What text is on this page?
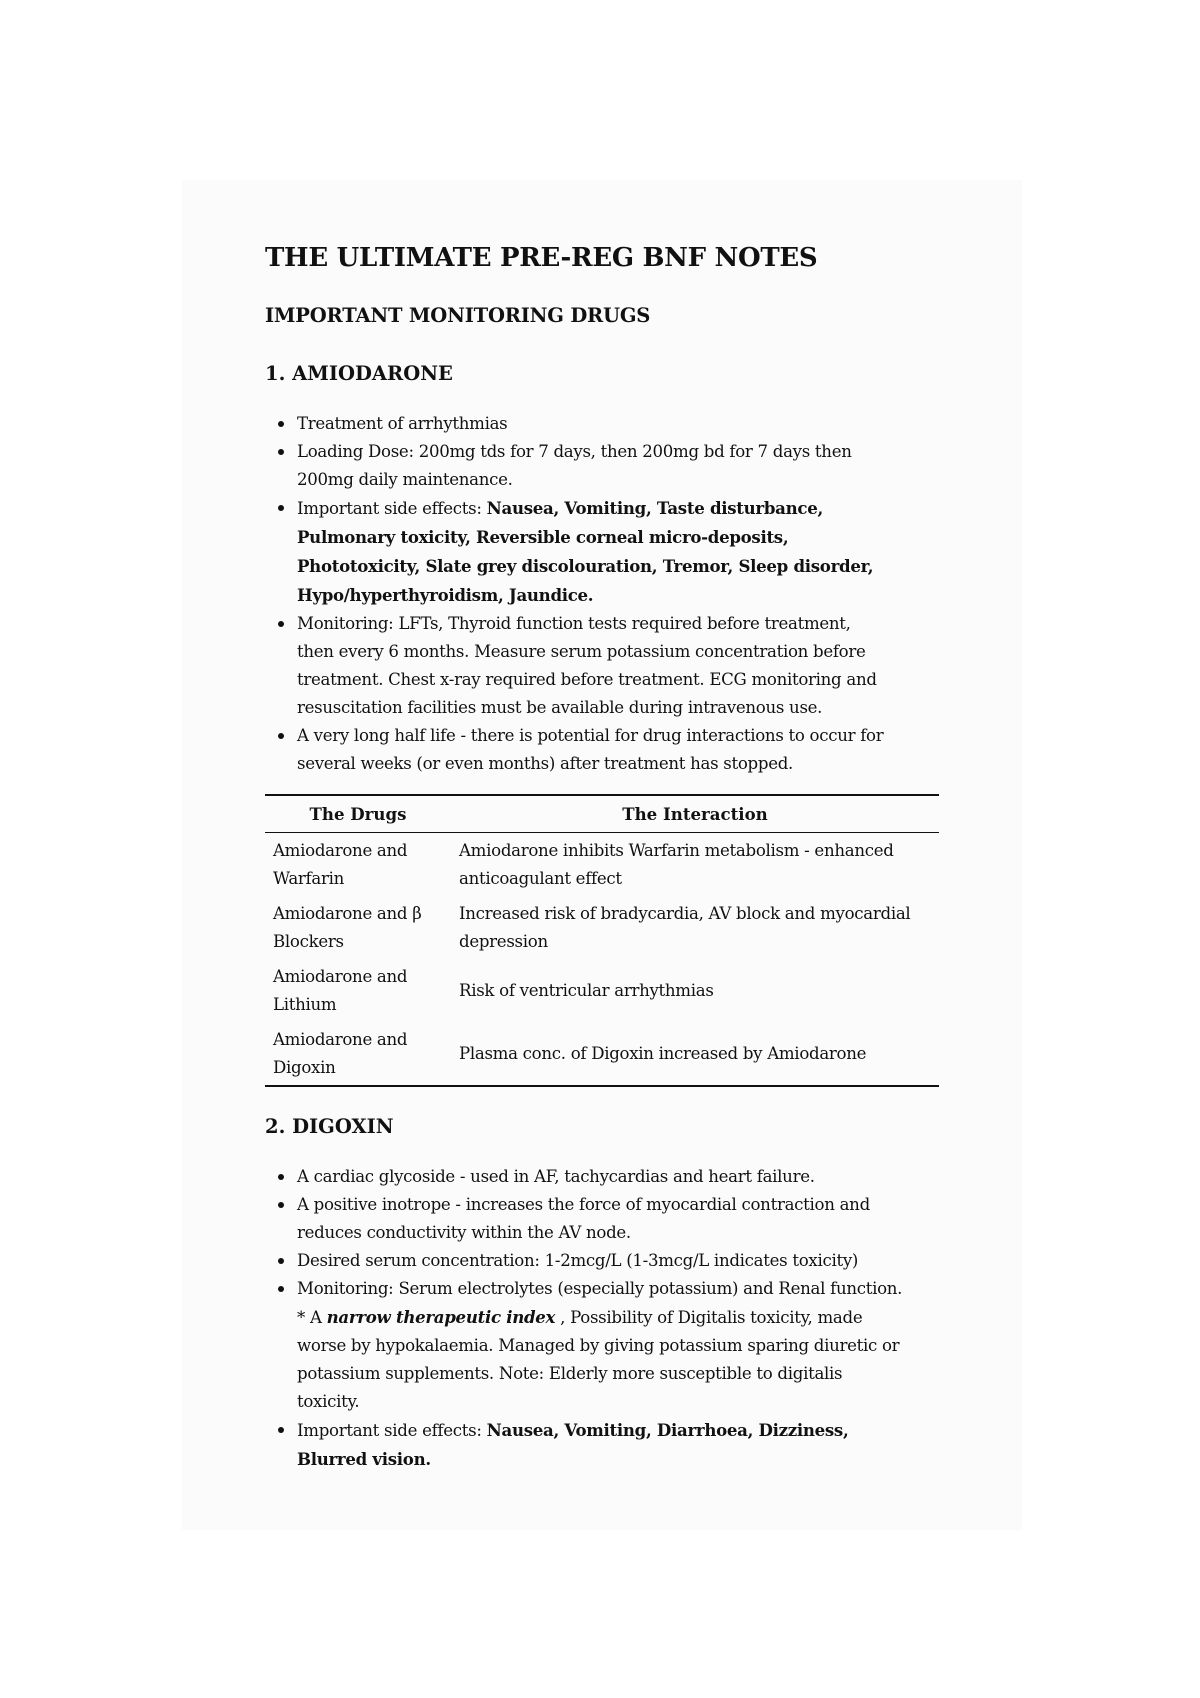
THE ULTIMATE PRE-REG BNF NOTES
IMPORTANT MONITORING DRUGS
1. AMIODARONE
Treatment of arrhythmias
Loading Dose: 200mg tds for 7 days, then 200mg bd for 7 days then 200mg daily maintenance.
Important side effects: Nausea, Vomiting, Taste disturbance, Pulmonary toxicity, Reversible corneal micro-deposits, Phototoxicity, Slate grey discolouration, Tremor, Sleep disorder, Hypo/hyperthyroidism, Jaundice.
Monitoring: LFTs, Thyroid function tests required before treatment, then every 6 months. Measure serum potassium concentration before treatment. Chest x-ray required before treatment. ECG monitoring and resuscitation facilities must be available during intravenous use.
A very long half life - there is potential for drug interactions to occur for several weeks (or even months) after treatment has stopped.
The Drugs	The Interaction
Amiodarone and Warfarin	Amiodarone inhibits Warfarin metabolism - enhanced anticoagulant effect
Amiodarone and β Blockers	Increased risk of bradycardia, AV block and myocardial depression
Amiodarone and Lithium	Risk of ventricular arrhythmias
Amiodarone and Digoxin	Plasma conc. of Digoxin increased by Amiodarone
2. DIGOXIN
A cardiac glycoside - used in AF, tachycardias and heart failure.
A positive inotrope - increases the force of myocardial contraction and reduces conductivity within the AV node.
Desired serum concentration: 1-2mcg/L (1-3mcg/L indicates toxicity)
Monitoring: Serum electrolytes (especially potassium) and Renal function. * A narrow therapeutic index , Possibility of Digitalis toxicity, made worse by hypokalaemia. Managed by giving potassium sparing diuretic or potassium supplements. Note: Elderly more susceptible to digitalis toxicity.
Important side effects: Nausea, Vomiting, Diarrhoea, Dizziness, Blurred vision.
